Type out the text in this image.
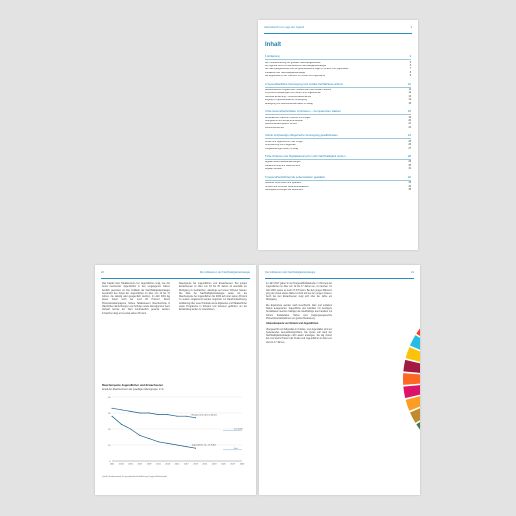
Jahresbericht zur Lage der Jugend	3
Inhalt
1 Einleitung	4
Die Herausforderung der globalen Nachhaltigkeitsziele	5
Der Agenda 2030 und die deutsche Nachhaltigkeitsstrategie	6
Die Nachhaltigkeitsziele und die gesundheitliche Lage im Kindes- und Jugendalter	7
Indikatoren der Nachhaltigkeitsstrategie	8
Die Ergebnisse in der Übersicht für Kinder und Jugendliche	9
2 Gesundheitliche Versorgung und soziale Verhältnisse sichern	10
Gesundheitliche Ungleichheit – Einkommen und soziale Herkunft	11
Psychische Belastungen bei Kindern und Jugendlichen	12
Gesunde Ernährung – Lebensmittelsicherheit	13
Zugang zur gesundheitlichen Versorgung	14
Bewegung und Gesundheitsverhalten im Alltag	16
3 Die Gesundheitsrisiken minimieren – Kompetenzen stärken	18
Risikofaktoren Rauchen, Alkohol und Drogen	19
Übergewicht und körperliche Aktivität	20
Gesundheitskompetenz fördern	21
Verkehrssicherheit	22
4 Eine hochwertige pflegerische Versorgung gewährleisten	24
Kinder und Jugendliche in der Pflege	25
Unterstützung von Pflegenden	26
Pflegebedürftige Kinder im Alltag	27
5 Die Chancen der Digitalisierung für mehr Nachhaltigkeit nutzen	28
Digitale Gesundheitsanwendungen	29
Mediennutzung und Bildschirmzeit	30
Digitale Teilhabe	31
6 Gesundheitsfördernde Lebenswelten gestalten	32
Gesunde Kommunen und Quartiere	33
Umwelt und Klima als Gesundheitsfaktoren	34
Bildungseinrichtungen als Lebensorte	35
20	Die Indikatoren der Nachhaltigkeitsstrategie

Das Kapitel über Tabakkonsum bei Jugendlichen zeigt, wie der Anteil rauchender Jugendlicher in den vergangenen Jahren deutlich gesunken ist. Der Indikator der Nachhaltigkeitsstrategie beschreibt den Anteil der Jugendlichen im Alter von 12 bis 17 Jahren, die ständig oder gelegentlich rauchen. Im Jahr 2001 lag dieser Anteil noch bei rund 28 Prozent. Durch Präventionskampagnen, höhere Tabaksteuern, Rauchverbote in öffentlichen Einrichtungen und Schulen sowie Altersgrenzen beim Verkauf konnte der Wert kontinuierlich gesenkt werden. Inzwischen liegt er bei etwa sieben Prozent.

Rauchquote bei Jugendlichen und Erwachsenen: Bei jungen Erwachsenen im Alter von 18 bis 25 Jahren ist ebenfalls ein Rückgang zu beobachten, allerdings auf einem höheren Niveau. Die Ziele der Nachhaltigkeitsstrategie sehen vor, die Raucherquote bei Jugendlichen bis 2030 auf unter sieben Prozent zu senken. Ergänzend werden Angebote zur Rauchentwöhnung, Aufklärung über neue Produkte wie E-Zigaretten und Tabakerhitzer sowie Programme in Schulen und Vereinen gefördert, um die Entwicklung weiter zu unterstützen.

Raucherquote Jugendlicher und Erwachsener
Anteil der Raucher/innen der jeweiligen Altersgruppe, in %
0
10
20
30
40
2001	2003	2005	2007	2009	2011	2013	2015	2017	2019	2021	2023	2025	2027	2030
Ziel 2030
Ziel
Erwachsene ab 15 Jahren
Jugendliche 12–17 Jahre
Quelle: Bundeszentrale für gesundheitliche Aufklärung; Drogenaffinitätsstudie
Die Indikatoren der Nachhaltigkeitsstrategie	21

Im Jahr 2017 gaben in der Drogenaffinitätsstudie 7,4 Prozent der Jugendlichen im Alter von 12 bis 17 Jahren an, zu rauchen. Im Jahr 2001 waren es noch 27,5 Prozent. Bei den jungen Männern ging der Anteil etwas stärker zurück als bei den jungen Frauen. Auch bei den Erwachsenen zeigt sich über die Jahre ein Rückgang.

Die Ergebnisse werden nach Geschlecht, Alter und sozialem Status ausgewertet. Jugendliche aus Familien mit niedrigem Sozialstatus rauchen häufiger als Gleichaltrige aus Familien mit hohem Sozialstatus. Daher sind zielgruppengerechte Präventionsmaßnahmen von großer Bedeutung.

Adipositasquote von Kindern und Jugendlichen

Übergewicht und Adipositas im Kindes- und Jugendalter sind ein bedeutendes Gesundheitsproblem. Die Quote soll nach der Nachhaltigkeitsstrategie nicht weiter ansteigen. Sie lag zuletzt bei rund sechs Prozent der Kinder und Jugendlichen im Alter von drei bis 17 Jahren.
